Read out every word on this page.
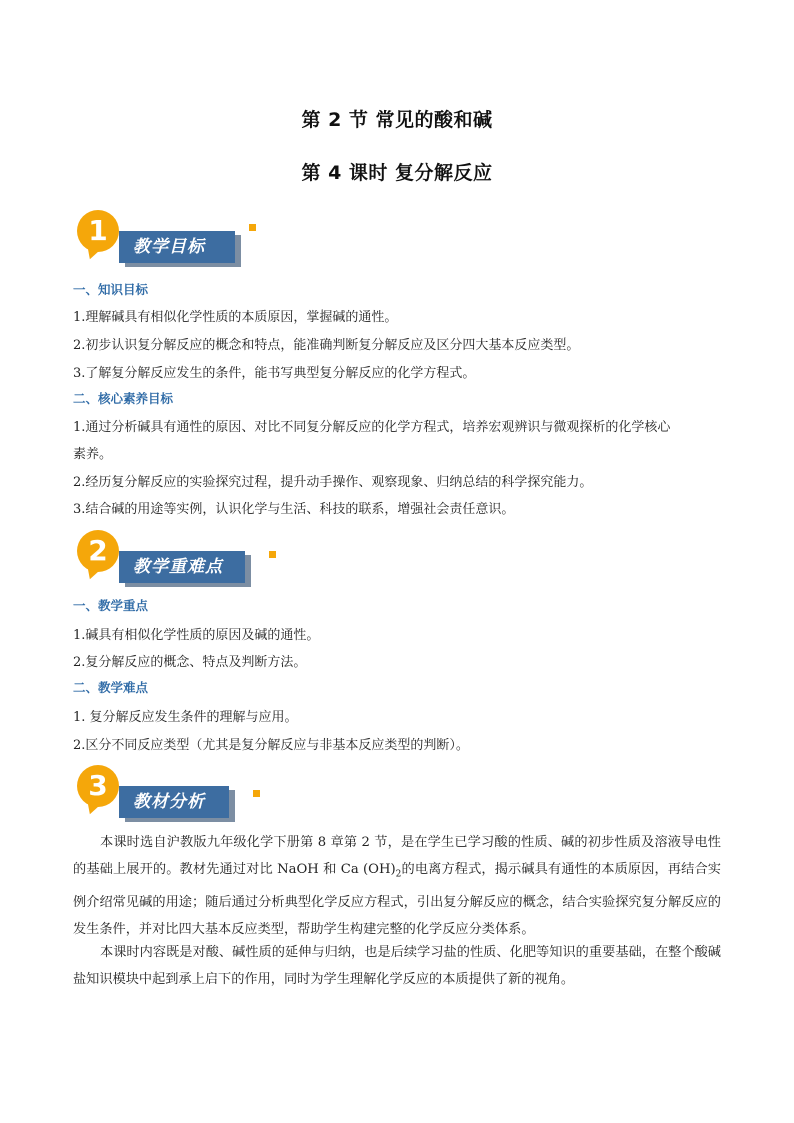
第 2 节 常见的酸和碱
第 4 课时 复分解反应
1	教学目标
一、知识目标
1.理解碱具有相似化学性质的本质原因，掌握碱的通性。
2.初步认识复分解反应的概念和特点，能准确判断复分解反应及区分四大基本反应类型。
3.了解复分解反应发生的条件，能书写典型复分解反应的化学方程式。
二、核心素养目标
1.通过分析碱具有通性的原因、对比不同复分解反应的化学方程式，培养宏观辨识与微观探析的化学核心
素养。
2.经历复分解反应的实验探究过程，提升动手操作、观察现象、归纳总结的科学探究能力。
3.结合碱的用途等实例，认识化学与生活、科技的联系，增强社会责任意识。
2	教学重难点
一、教学重点
1.碱具有相似化学性质的原因及碱的通性。
2.复分解反应的概念、特点及判断方法。
二、教学难点
1. 复分解反应发生条件的理解与应用。
2.区分不同反应类型（尤其是复分解反应与非基本反应类型的判断）。
3	教材分析
本课时选自沪教版九年级化学下册第 8 章第 2 节，是在学生已学习酸的性质、碱的初步性质及溶液导电性的基础上展开的。教材先通过对比 NaOH 和 Ca $(OH)_2$的电离方程式，揭示碱具有通性的本质原因，再结合实例介绍常见碱的用途；随后通过分析典型化学反应方程式，引出复分解反应的概念，结合实验探究复分解反应的发生条件，并对比四大基本反应类型，帮助学生构建完整的化学反应分类体系。
本课时内容既是对酸、碱性质的延伸与归纳，也是后续学习盐的性质、化肥等知识的重要基础，在整个酸碱盐知识模块中起到承上启下的作用，同时为学生理解化学反应的本质提供了新的视角。
